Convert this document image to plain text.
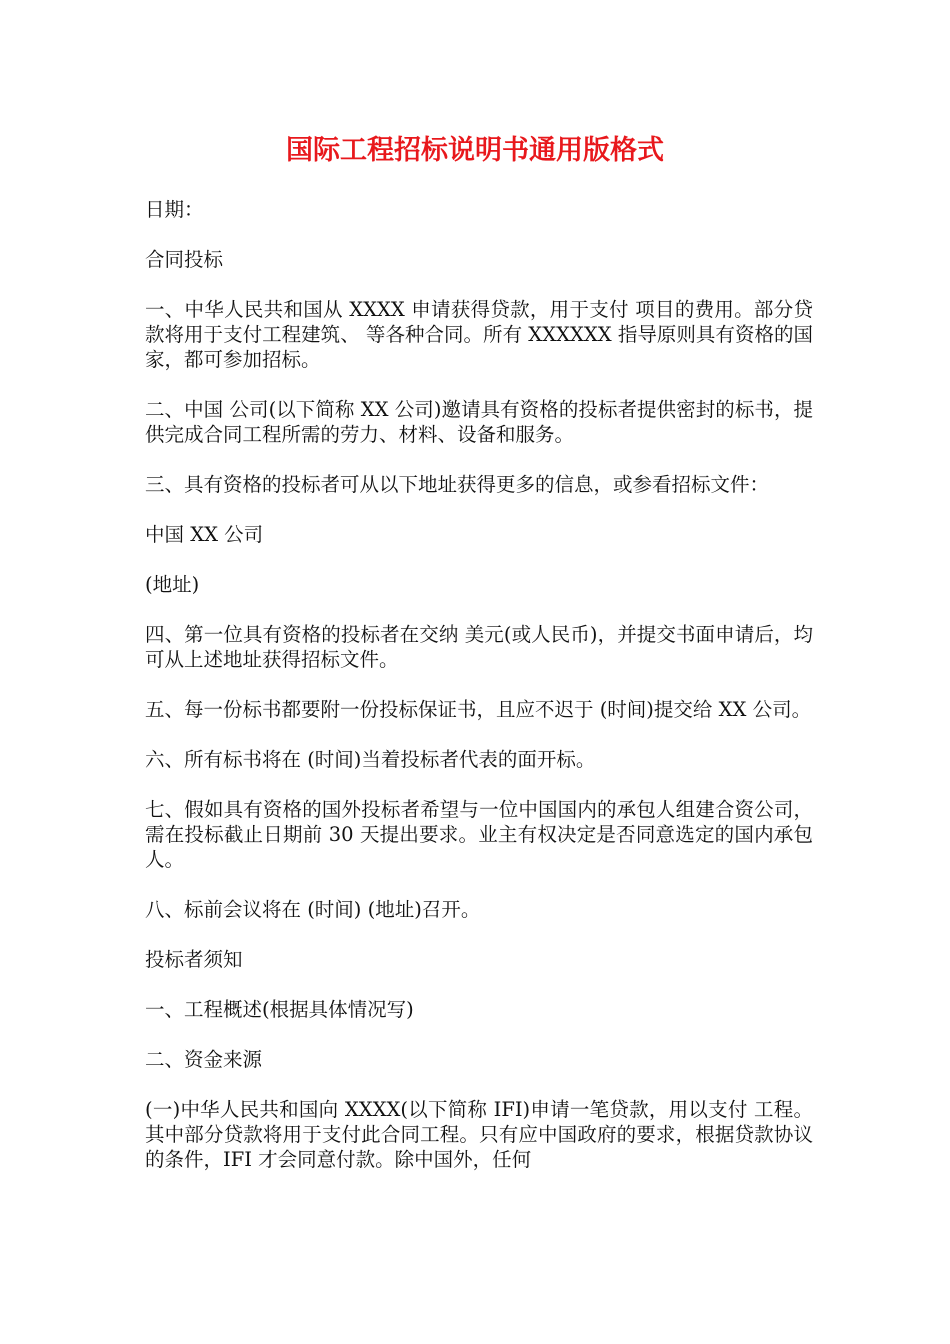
国际工程招标说明书通用版格式

日期：

合同投标

一、中华人民共和国从 XXXX 申请获得贷款，用于支付 项目的费用。部分贷款将用于支付工程建筑、 等各种合同。所有 XXXXXX 指导原则具有资格的国家，都可参加招标。

二、中国 公司(以下简称 XX 公司)邀请具有资格的投标者提供密封的标书，提供完成合同工程所需的劳力、材料、设备和服务。

三、具有资格的投标者可从以下地址获得更多的信息，或参看招标文件：

中国 XX 公司

(地址)

四、第一位具有资格的投标者在交纳 美元(或人民币)，并提交书面申请后，均可从上述地址获得招标文件。

五、每一份标书都要附一份投标保证书，且应不迟于 (时间)提交给 XX 公司。

六、所有标书将在 (时间)当着投标者代表的面开标。

七、假如具有资格的国外投标者希望与一位中国国内的承包人组建合资公司，需在投标截止日期前 30 天提出要求。业主有权决定是否同意选定的国内承包人。

八、标前会议将在 (时间) (地址)召开。

投标者须知

一、工程概述(根据具体情况写)

二、资金来源

(一)中华人民共和国向 XXXX(以下简称 IFI)申请一笔贷款，用以支付 工程。其中部分贷款将用于支付此合同工程。只有应中国政府的要求，根据贷款协议的条件，IFI 才会同意付款。除中国外，任何
